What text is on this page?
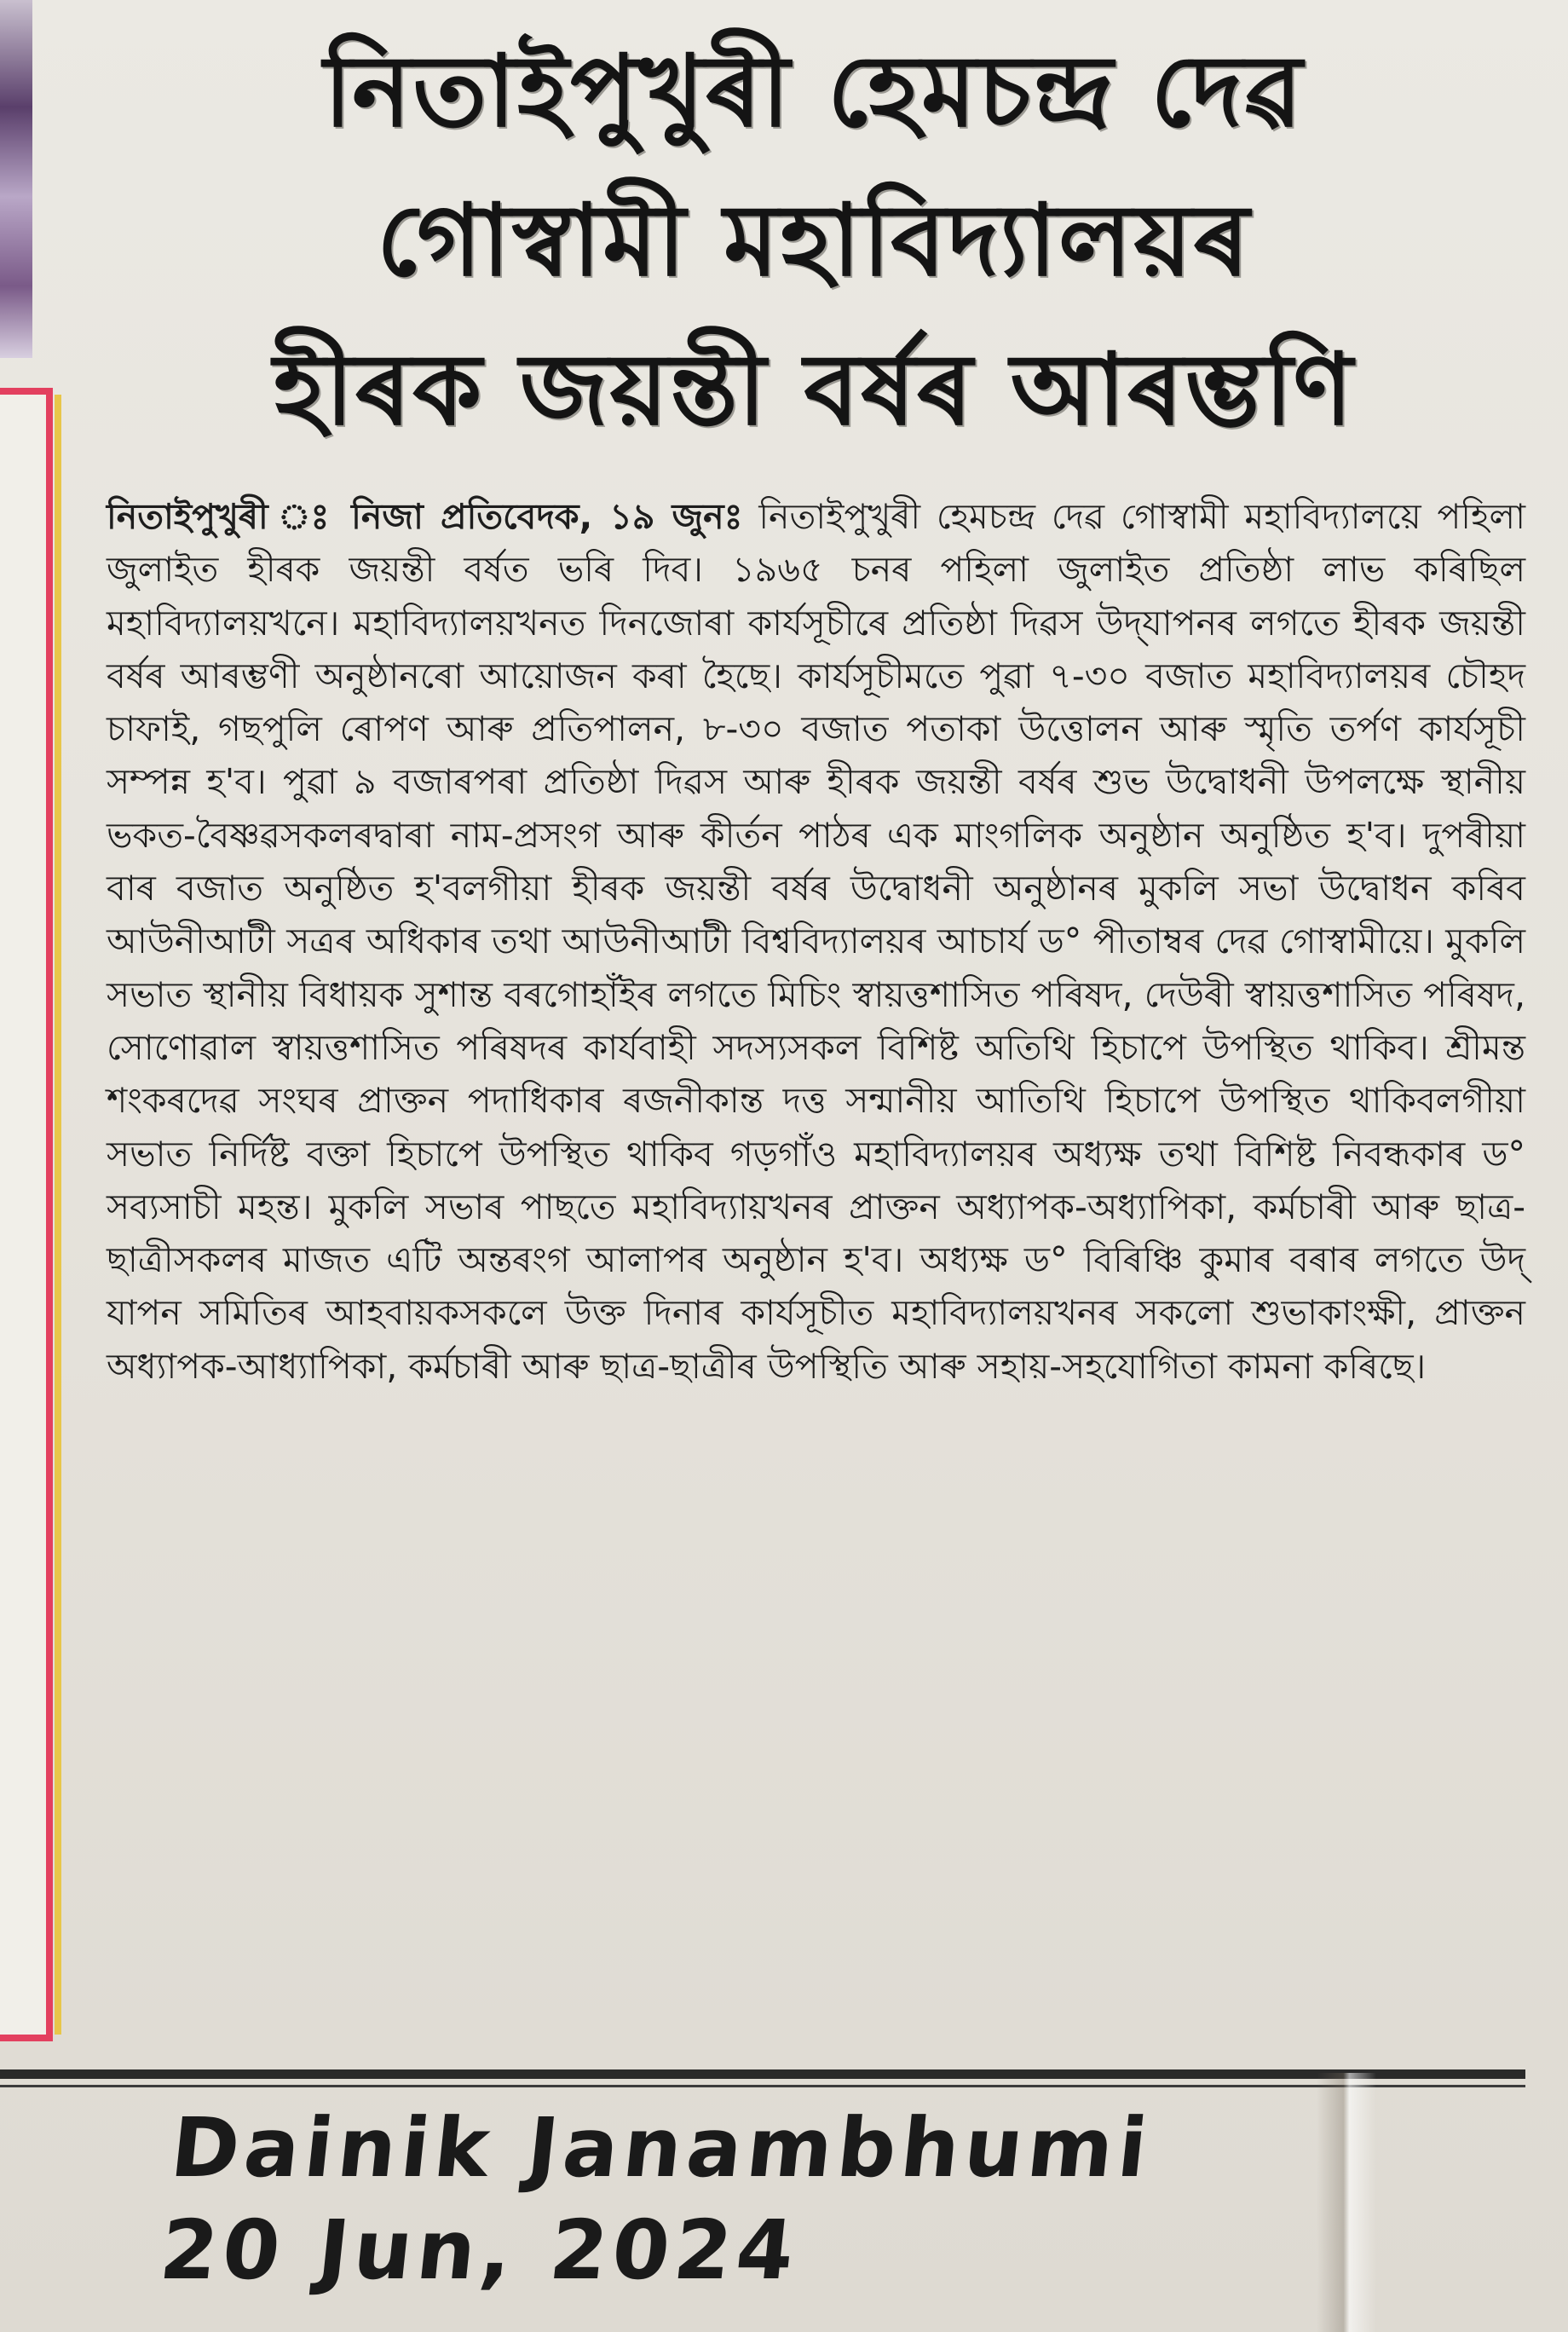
নিতাইপুখুৰী হেমচন্দ্ৰ দেৱ
গোস্বামী মহাবিদ্যালয়ৰ
হীৰক জয়ন্তী বৰ্ষৰ আৰম্ভণি

নিতাইপুখুৰী ঃ নিজা প্ৰতিবেদক, ১৯ জুনঃ নিতাইপুখুৰী হেমচন্দ্ৰ দেৱ গোস্বামী মহাবিদ্যালয়ে পহিলা জুলাইত হীৰক জয়ন্তী বৰ্ষত ভৰি দিব। ১৯৬৫ চনৰ পহিলা জুলাইত প্ৰতিষ্ঠা লাভ কৰিছিল মহাবিদ্যালয়খনে। মহাবিদ্যালয়খনত দিনজোৰা কাৰ্যসূচীৰে প্ৰতিষ্ঠা দিৱস উদ্‌যাপনৰ লগতে হীৰক জয়ন্তী বৰ্ষৰ আৰম্ভণী অনুষ্ঠানৰো আয়োজন কৰা হৈছে। কাৰ্যসূচীমতে পুৱা ৭-৩০ বজাত মহাবিদ্যালয়ৰ চৌহদ চাফাই, গছপুলি ৰোপণ আৰু প্ৰতিপালন, ৮-৩০ বজাত পতাকা উত্তোলন আৰু স্মৃতি তৰ্পণ কাৰ্যসূচী সম্পন্ন হ'ব। পুৱা ৯ বজাৰপৰা প্ৰতিষ্ঠা দিৱস আৰু হীৰক জয়ন্তী বৰ্ষৰ শুভ উদ্বোধনী উপলক্ষে স্থানীয় ভকত-বৈষ্ণৱসকলৰদ্বাৰা নাম-প্ৰসংগ আৰু কীৰ্তন পাঠৰ এক মাংগলিক অনুষ্ঠান অনুষ্ঠিত হ'ব। দুপৰীয়া বাৰ বজাত অনুষ্ঠিত হ'বলগীয়া হীৰক জয়ন্তী বৰ্ষৰ উদ্বোধনী অনুষ্ঠানৰ মুকলি সভা উদ্বোধন কৰিব আউনীআটী সত্ৰৰ অধিকাৰ তথা আউনীআটী বিশ্ববিদ্যালয়ৰ আচাৰ্য ড° পীতাম্বৰ দেৱ গোস্বামীয়ে। মুকলি সভাত স্থানীয় বিধায়ক সুশান্ত বৰগোহাঁইৰ লগতে মিচিং স্বায়ত্তশাসিত পৰিষদ, দেউৰী স্বায়ত্তশাসিত পৰিষদ, সোণোৱাল স্বায়ত্তশাসিত পৰিষদৰ কাৰ্যবাহী সদস্যসকল বিশিষ্ট অতিথি হিচাপে উপস্থিত থাকিব। শ্ৰীমন্ত শংকৰদেৱ সংঘৰ প্ৰাক্তন পদাধিকাৰ ৰজনীকান্ত দত্ত সন্মানীয় আতিথি হিচাপে উপস্থিত থাকিবলগীয়া সভাত নিৰ্দিষ্ট বক্তা হিচাপে উপস্থিত থাকিব গড়গাঁও মহাবিদ্যালয়ৰ অধ্যক্ষ তথা বিশিষ্ট নিবন্ধকাৰ ড° সব্যসাচী মহন্ত। মুকলি সভাৰ পাছতে মহাবিদ্যায়খনৰ প্ৰাক্তন অধ্যাপক-অধ্যাপিকা, কৰ্মচাৰী আৰু ছাত্ৰ-ছাত্ৰীসকলৰ মাজত এটি অন্তৰংগ আলাপৰ অনুষ্ঠান হ'ব। অধ্যক্ষ ড° বিৰিঞ্চি কুমাৰ বৰাৰ লগতে উদ্‌ যাপন সমিতিৰ আহবায়কসকলে উক্ত দিনাৰ কাৰ্যসূচীত মহাবিদ্যালয়খনৰ সকলো শুভাকাংক্ষী, প্ৰাক্তন অধ্যাপক-আধ্যাপিকা, কৰ্মচাৰী আৰু ছাত্ৰ-ছাত্ৰীৰ উপস্থিতি আৰু সহায়-সহযোগিতা কামনা কৰিছে।

Dainik Janambhumi
20 Jun, 2024
